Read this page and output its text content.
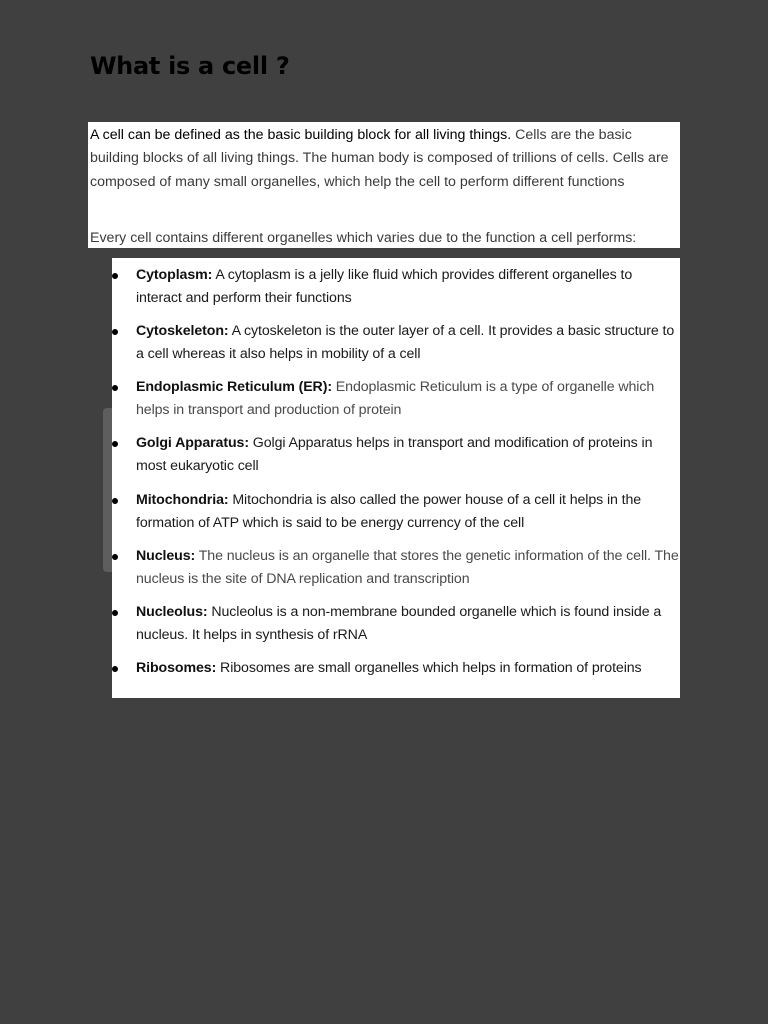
What is a cell ?

A cell can be defined as the basic building block for all living things. Cells are the basic building blocks of all living things. The human body is composed of trillions of cells. Cells are composed of many small organelles, which help the cell to perform different functions

Every cell contains different organelles which varies due to the function a cell performs:

Cytoplasm: A cytoplasm is a jelly like fluid which provides different organelles to interact and perform their functions

Cytoskeleton: A cytoskeleton is the outer layer of a cell. It provides a basic structure to a cell whereas it also helps in mobility of a cell

Endoplasmic Reticulum (ER): Endoplasmic Reticulum is a type of organelle which helps in transport and production of protein

Golgi Apparatus: Golgi Apparatus helps in transport and modification of proteins in most eukaryotic cell

Mitochondria: Mitochondria is also called the power house of a cell it helps in the formation of ATP which is said to be energy currency of the cell

Nucleus: The nucleus is an organelle that stores the genetic information of the cell. The nucleus is the site of DNA replication and transcription

Nucleolus: Nucleolus is a non-membrane bounded organelle which is found inside a nucleus. It helps in synthesis of rRNA

Ribosomes: Ribosomes are small organelles which helps in formation of proteins
